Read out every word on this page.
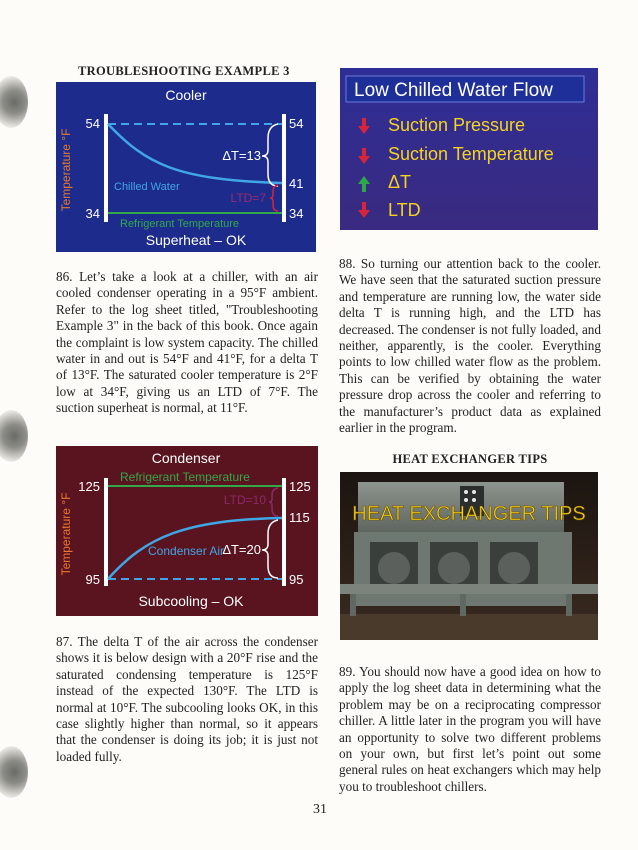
TROUBLESHOOTING EXAMPLE 3
Cooler
Temperature °F
54
34
54
41
34
ΔT=13
LTD=7
Chilled Water
Refrigerant Temperature
Superheat – OK
Low Chilled Water Flow
Suction Pressure
Suction Temperature
ΔT
LTD

86. Let’s take a look at a chiller, with an air cooled condenser operating in a 95°F ambient. Refer to the log sheet titled, "Troubleshooting Example 3" in the back of this book. Once again the complaint is low system capacity. The chilled water in and out is 54°F and 41°F, for a delta T of 13°F. The saturated cooler temperature is 2°F low at 34°F, giving us an LTD of 7°F. The suction superheat is normal, at 11°F.

88. So turning our attention back to the cooler. We have seen that the saturated suction pressure and temperature are running low, the water side delta T is running high, and the LTD has decreased. The condenser is not fully loaded, and neither, apparently, is the cooler. Everything points to low chilled water flow as the problem. This can be verified by obtaining the water pressure drop across the cooler and referring to the manufacturer’s product data as explained earlier in the program.

Condenser
Temperature °F
125
95
125
115
95
Refrigerant Temperature
LTD=10
Condenser Air
ΔT=20
Subcooling – OK
HEAT EXCHANGER TIPS
HEAT EXCHANGER TIPS

87. The delta T of the air across the condenser shows it is below design with a 20°F rise and the saturated condensing temperature is 125°F instead of the expected 130°F. The LTD is normal at 10°F. The subcooling looks OK, in this case slightly higher than normal, so it appears that the condenser is doing its job; it is just not loaded fully.

89. You should now have a good idea on how to apply the log sheet data in determining what the problem may be on a reciprocating compressor chiller. A little later in the program you will have an opportunity to solve two different problems on your own, but first let’s point out some general rules on heat exchangers which may help you to troubleshoot chillers.

31
